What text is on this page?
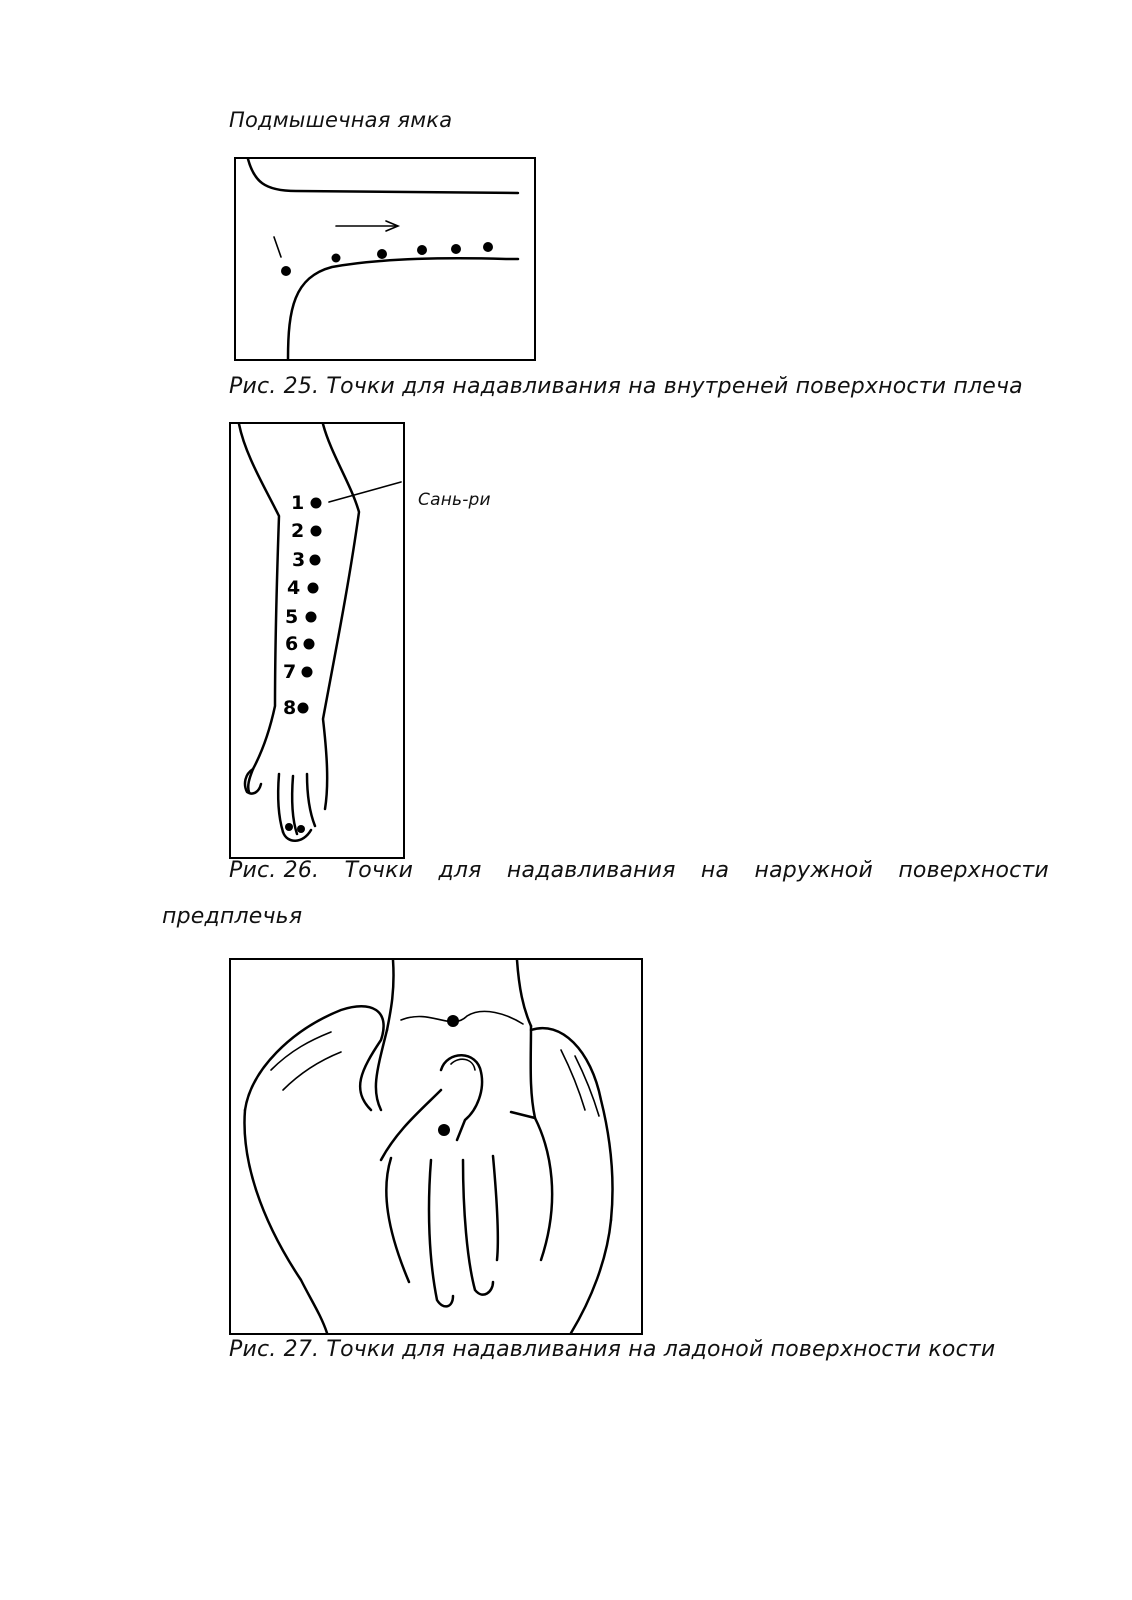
Подмышечная ямка
Рис. 25. Точки для надавливания на внутреней поверхности плеча
1
2
3
4
5
6
7
8
Сань-ри
Рис. 26. Точки для надавливания на наружной поверхности
предплечья
Рис. 27. Точки для надавливания на ладоной поверхности кости
